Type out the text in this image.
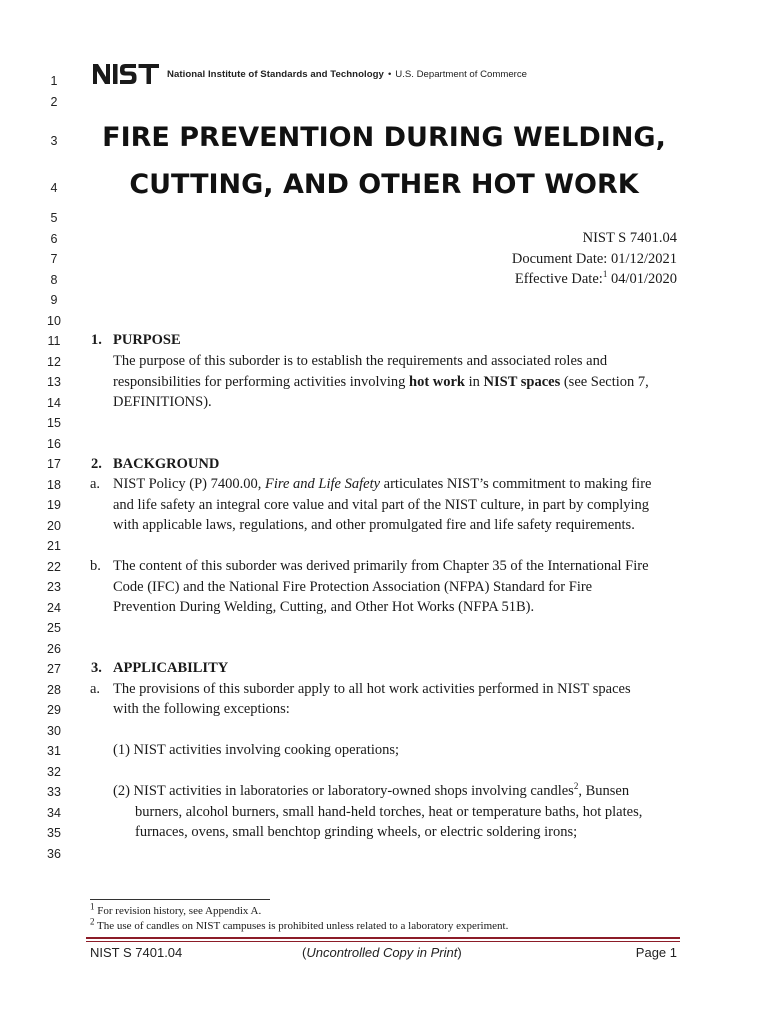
1
2
3
4
5
6
7
8
9
10
11
12
13
14
15
16
17
18
19
20
21
22
23
24
25
26
27
28
29
30
31
32
33
34
35
36
National Institute of Standards and Technology • U.S. Department of Commerce
FIRE PREVENTION DURING WELDING,
CUTTING, AND OTHER HOT WORK
NIST S 7401.04
Document Date: 01/12/2021
Effective Date:$^1$ 04/01/2020
1. PURPOSE
The purpose of this suborder is to establish the requirements and associated roles and
responsibilities for performing activities involving hot work in NIST spaces (see Section 7,
DEFINITIONS).
2. BACKGROUND
a. NIST Policy (P) 7400.00, Fire and Life Safety articulates NIST’s commitment to making fire
and life safety an integral core value and vital part of the NIST culture, in part by complying
with applicable laws, regulations, and other promulgated fire and life safety requirements.
b. The content of this suborder was derived primarily from Chapter 35 of the International Fire
Code (IFC) and the National Fire Protection Association (NFPA) Standard for Fire
Prevention During Welding, Cutting, and Other Hot Works (NFPA 51B).
3. APPLICABILITY
a. The provisions of this suborder apply to all hot work activities performed in NIST spaces
with the following exceptions:
(1) NIST activities involving cooking operations;
(2) NIST activities in laboratories or laboratory-owned shops involving candles$^2$, Bunsen
burners, alcohol burners, small hand-held torches, heat or temperature baths, hot plates,
furnaces, ovens, small benchtop grinding wheels, or electric soldering irons;
$^1$ For revision history, see Appendix A.
$^2$ The use of candles on NIST campuses is prohibited unless related to a laboratory experiment.
NIST S 7401.04	(Uncontrolled Copy in Print)	Page 1
